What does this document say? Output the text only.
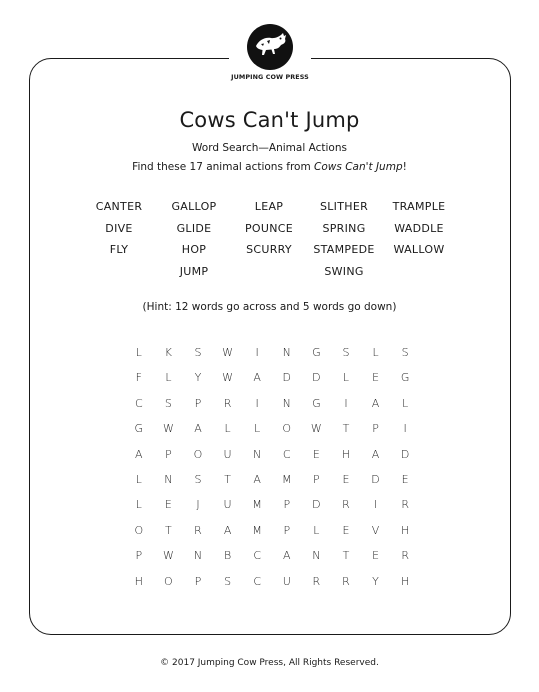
JUMPING COW PRESS
Cows Can't Jump
Word Search—Animal Actions
Find these 17 animal actions from Cows Can't Jump!
CANTER
DIVE
FLY
GALLOP
GLIDE
HOP
JUMP
LEAP
POUNCE
SCURRY
SLITHER
SPRING
STAMPEDE
SWING
TRAMPLE
WADDLE
WALLOW
(Hint: 12 words go across and 5 words go down)
L	K	S	W	I	N	G	S	L	S
F	L	Y	W	A	D	D	L	E	G
C	S	P	R	I	N	G	I	A	L
G	W	A	L	L	O	W	T	P	I
A	P	O	U	N	C	E	H	A	D
L	N	S	T	A	M	P	E	D	E
L	E	J	U	M	P	D	R	I	R
O	T	R	A	M	P	L	E	V	H
P	W	N	B	C	A	N	T	E	R
H	O	P	S	C	U	R	R	Y	H
© 2017 Jumping Cow Press, All Rights Reserved.
